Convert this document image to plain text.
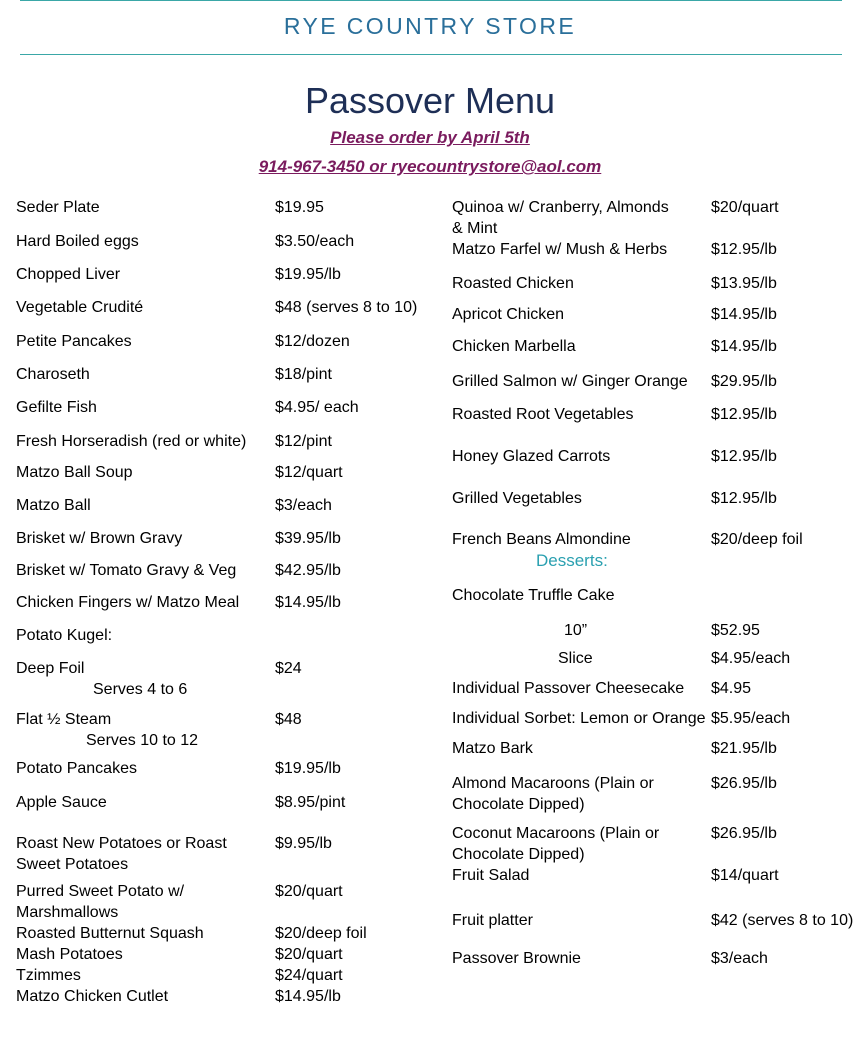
RYE COUNTRY STORE
Passover Menu
Please order by April 5th
914-967-3450 or ryecountrystore@aol.com
Seder Plate	$19.95
Hard Boiled eggs	$3.50/each
Chopped Liver	$19.95/lb
Vegetable Crudité	$48 (serves 8 to 10)
Petite Pancakes	$12/dozen
Charoseth	$18/pint
Gefilte Fish	$4.95/ each
Fresh Horseradish (red or white)	$12/pint
Matzo Ball Soup	$12/quart
Matzo Ball	$3/each
Brisket w/ Brown Gravy	$39.95/lb
Brisket w/ Tomato Gravy & Veg	$42.95/lb
Chicken Fingers w/ Matzo Meal	$14.95/lb
Potato Kugel:
Deep Foil	$24
Serves 4 to 6
Flat ½ Steam	$48
Serves 10 to 12
Potato Pancakes	$19.95/lb
Apple Sauce	$8.95/pint
Roast New Potatoes or Roast Sweet Potatoes
$9.95/lb
Purred Sweet Potato w/ Marshmallows
$20/quart
Roasted Butternut Squash	$20/deep foil
Mash Potatoes	$20/quart
Tzimmes	$24/quart
Matzo Chicken Cutlet	$14.95/lb
Quinoa w/ Cranberry, Almonds & Mint
$20/quart
Matzo Farfel w/ Mush & Herbs	$12.95/lb
Roasted Chicken	$13.95/lb
Apricot Chicken	$14.95/lb
Chicken Marbella	$14.95/lb
Grilled Salmon w/ Ginger Orange	$29.95/lb
Roasted Root Vegetables	$12.95/lb
Honey Glazed Carrots	$12.95/lb
Grilled Vegetables	$12.95/lb
French Beans Almondine	$20/deep foil
Desserts:
Chocolate Truffle Cake
10”	$52.95
Slice	$4.95/each
Individual Passover Cheesecake	$4.95
Individual Sorbet: Lemon or Orange $5.95/each
Matzo Bark	$21.95/lb
Almond Macaroons (Plain or Chocolate Dipped)
$26.95/lb
Coconut Macaroons (Plain or Chocolate Dipped)
$26.95/lb
Fruit Salad	$14/quart
Fruit platter	$42 (serves 8 to 10)
Passover Brownie	$3/each
